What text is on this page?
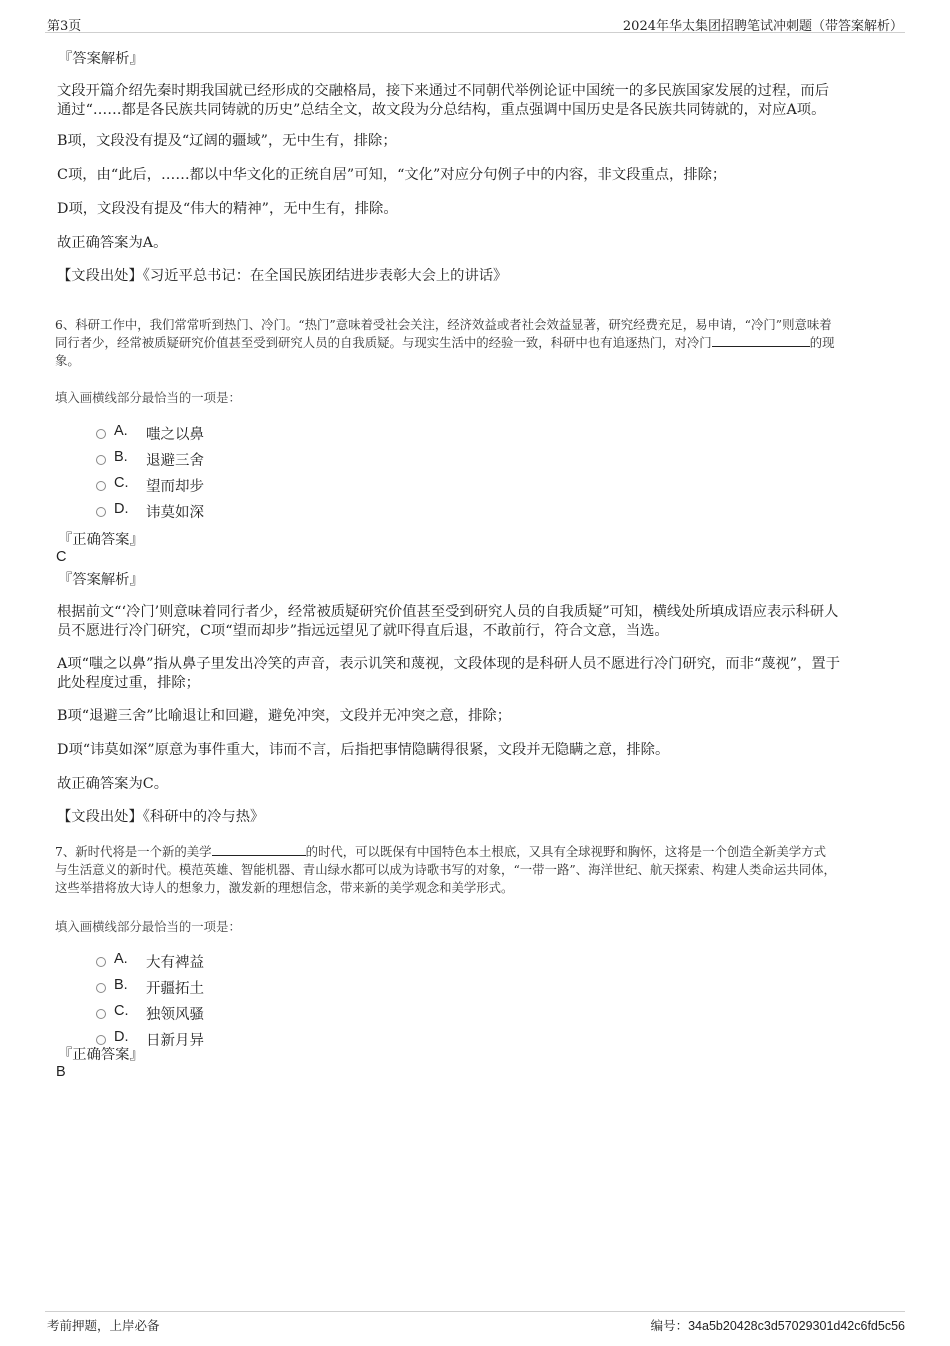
第3页	2024年华太集团招聘笔试冲刺题（带答案解析）
『答案解析』
文段开篇介绍先秦时期我国就已经形成的交融格局，接下来通过不同朝代举例论证中国统一的多民族国家发展的过程，而后
通过“……都是各民族共同铸就的历史”总结全文，故文段为分总结构，重点强调中国历史是各民族共同铸就的，对应A项。
B项，文段没有提及“辽阔的疆域”，无中生有，排除；
C项，由“此后，……都以中华文化的正统自居”可知，“文化”对应分句例子中的内容，非文段重点，排除；
D项，文段没有提及“伟大的精神”，无中生有，排除。
故正确答案为A。
【文段出处】《习近平总书记：在全国民族团结进步表彰大会上的讲话》
6、科研工作中，我们常常听到热门、冷门。“热门”意味着受社会关注，经济效益或者社会效益显著，研究经费充足，易申请，“冷门”则意味着
同行者少，经常被质疑研究价值甚至受到研究人员的自我质疑。与现实生活中的经验一致，科研中也有追逐热门，对冷门	的现
象。
填入画横线部分最恰当的一项是：
A. 嗤之以鼻
B. 退避三舍
C. 望而却步
D. 讳莫如深
『正确答案』
C
『答案解析』
根据前文“‘冷门’则意味着同行者少，经常被质疑研究价值甚至受到研究人员的自我质疑”可知，横线处所填成语应表示科研人
员不愿进行冷门研究，C项“望而却步”指远远望见了就吓得直后退，不敢前行，符合文意，当选。
A项“嗤之以鼻”指从鼻子里发出冷笑的声音，表示讥笑和蔑视，文段体现的是科研人员不愿进行冷门研究，而非“蔑视”，置于
此处程度过重，排除；
B项“退避三舍”比喻退让和回避，避免冲突，文段并无冲突之意，排除；
D项“讳莫如深”原意为事件重大，讳而不言，后指把事情隐瞒得很紧，文段并无隐瞒之意，排除。
故正确答案为C。
【文段出处】《科研中的冷与热》
7、新时代将是一个新的美学	的时代，可以既保有中国特色本土根底，又具有全球视野和胸怀，这将是一个创造全新美学方式
与生活意义的新时代。模范英雄、智能机器、青山绿水都可以成为诗歌书写的对象，“一带一路”、海洋世纪、航天探索、构建人类命运共同体，
这些举措将放大诗人的想象力，激发新的理想信念，带来新的美学观念和美学形式。
填入画横线部分最恰当的一项是：
A. 大有裨益
B. 开疆拓土
C. 独领风骚
D. 日新月异
『正确答案』
B
考前押题，上岸必备	编号：34a5b20428c3d57029301d42c6fd5c56
